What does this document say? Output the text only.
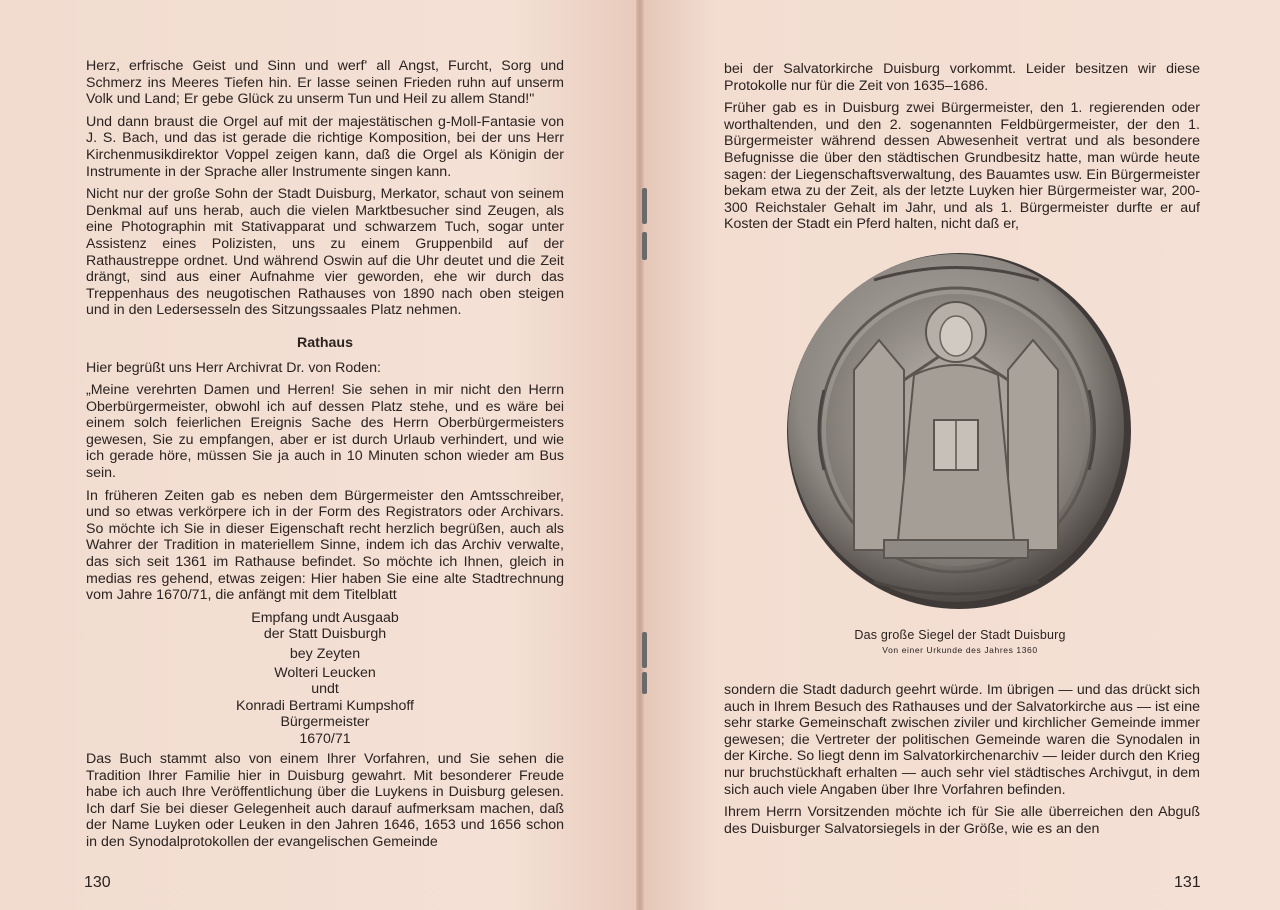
Herz, erfrische Geist und Sinn und werf' all Angst, Furcht, Sorg und Schmerz ins Meeres Tiefen hin. Er lasse seinen Frieden ruhn auf unserm Volk und Land; Er gebe Glück zu unserm Tun und Heil zu allem Stand!"

Und dann braust die Orgel auf mit der majestätischen g-Moll-Fantasie von J. S. Bach, und das ist gerade die richtige Komposition, bei der uns Herr Kirchenmusikdirektor Voppel zeigen kann, daß die Orgel als Königin der Instrumente in der Sprache aller Instrumente singen kann.

Nicht nur der große Sohn der Stadt Duisburg, Merkator, schaut von seinem Denkmal auf uns herab, auch die vielen Marktbesucher sind Zeugen, als eine Photographin mit Stativapparat und schwarzem Tuch, sogar unter Assistenz eines Polizisten, uns zu einem Gruppenbild auf der Rathaustreppe ordnet. Und während Oswin auf die Uhr deutet und die Zeit drängt, sind aus einer Aufnahme vier geworden, ehe wir durch das Treppenhaus des neugotischen Rathauses von 1890 nach oben steigen und in den Ledersesseln des Sitzungssaales Platz nehmen.

Rathaus

Hier begrüßt uns Herr Archivrat Dr. von Roden:

„Meine verehrten Damen und Herren! Sie sehen in mir nicht den Herrn Oberbürgermeister, obwohl ich auf dessen Platz stehe, und es wäre bei einem solch feierlichen Ereignis Sache des Herrn Oberbürgermeisters gewesen, Sie zu empfangen, aber er ist durch Urlaub verhindert, und wie ich gerade höre, müssen Sie ja auch in 10 Minuten schon wieder am Bus sein.

In früheren Zeiten gab es neben dem Bürgermeister den Amtsschreiber, und so etwas verkörpere ich in der Form des Registrators oder Archivars. So möchte ich Sie in dieser Eigenschaft recht herzlich begrüßen, auch als Wahrer der Tradition in materiellem Sinne, indem ich das Archiv verwalte, das sich seit 1361 im Rathause befindet. So möchte ich Ihnen, gleich in medias res gehend, etwas zeigen: Hier haben Sie eine alte Stadtrechnung vom Jahre 1670/71, die anfängt mit dem Titelblatt

Empfang undt Ausgaab
der Statt Duisburgh
bey Zeyten
Wolteri Leucken
undt
Konradi Bertrami Kumpshoff
Bürgermeister
1670/71

Das Buch stammt also von einem Ihrer Vorfahren, und Sie sehen die Tradition Ihrer Familie hier in Duisburg gewahrt. Mit besonderer Freude habe ich auch Ihre Veröffentlichung über die Luykens in Duisburg gelesen. Ich darf Sie bei dieser Gelegenheit auch darauf aufmerksam machen, daß der Name Luyken oder Leuken in den Jahren 1646, 1653 und 1656 schon in den Synodalprotokollen der evangelischen Gemeinde

130

bei der Salvatorkirche Duisburg vorkommt. Leider besitzen wir diese Protokolle nur für die Zeit von 1635–1686.

Früher gab es in Duisburg zwei Bürgermeister, den 1. regierenden oder worthaltenden, und den 2. sogenannten Feldbürgermeister, der den 1. Bürgermeister während dessen Abwesenheit vertrat und als besondere Befugnisse die über den städtischen Grundbesitz hatte, man würde heute sagen: der Liegenschaftsverwaltung, des Bauamtes usw. Ein Bürgermeister bekam etwa zu der Zeit, als der letzte Luyken hier Bürgermeister war, 200-300 Reichstaler Gehalt im Jahr, und als 1. Bürgermeister durfte er auf Kosten der Stadt ein Pferd halten, nicht daß er,

Das große Siegel der Stadt Duisburg
Von einer Urkunde des Jahres 1360

sondern die Stadt dadurch geehrt würde. Im übrigen — und das drückt sich auch in Ihrem Besuch des Rathauses und der Salvatorkirche aus — ist eine sehr starke Gemeinschaft zwischen ziviler und kirchlicher Gemeinde immer gewesen; die Vertreter der politischen Gemeinde waren die Synodalen in der Kirche. So liegt denn im Salvatorkirchenarchiv — leider durch den Krieg nur bruchstückhaft erhalten — auch sehr viel städtisches Archivgut, in dem sich auch viele Angaben über Ihre Vorfahren befinden.

Ihrem Herrn Vorsitzenden möchte ich für Sie alle überreichen den Abguß des Duisburger Salvatorsiegels in der Größe, wie es an den

131
